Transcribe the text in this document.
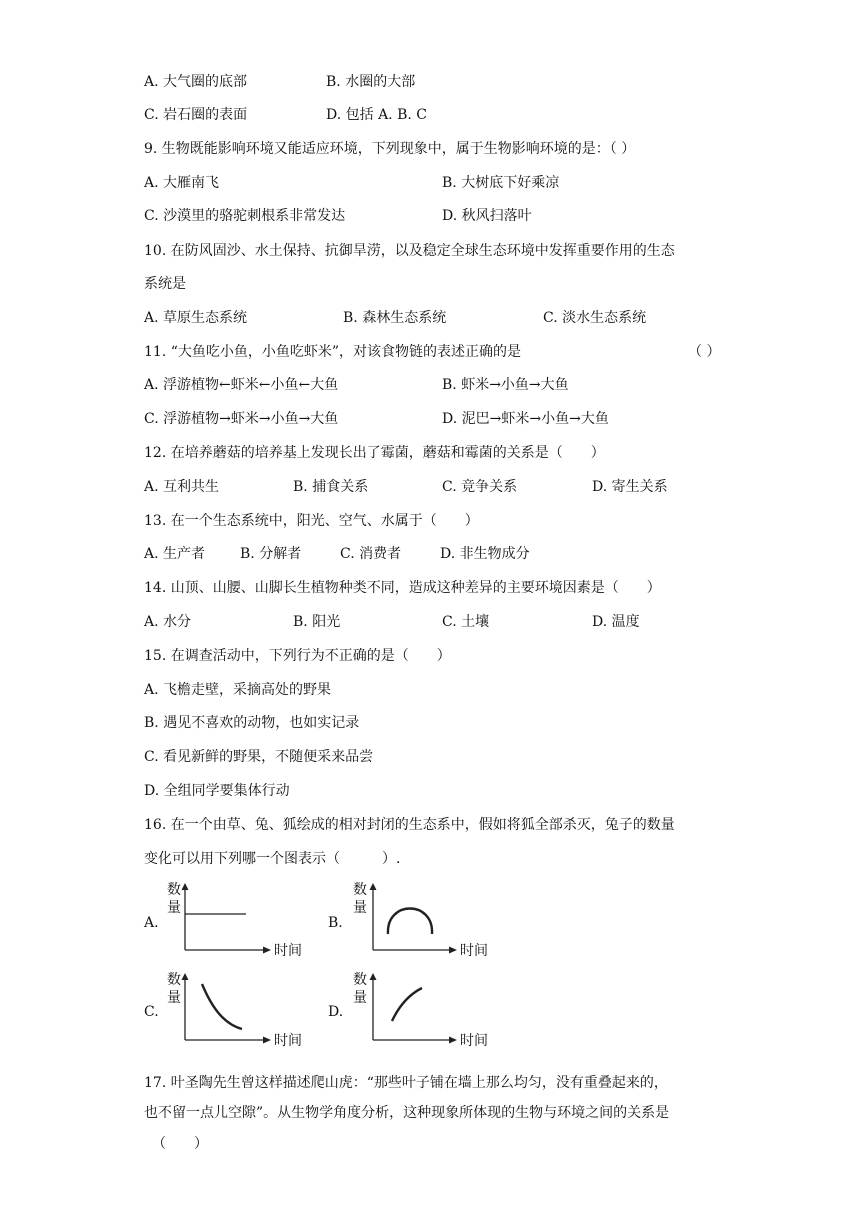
A. 大气圈的底部	B. 水圈的大部
C. 岩石圈的表面	D. 包括 A. B. C
9. 生物既能影响环境又能适应环境，下列现象中，属于生物影响环境的是：（ ）
A. 大雁南飞	B. 大树底下好乘凉
C. 沙漠里的骆驼刺根系非常发达	D. 秋风扫落叶
10. 在防风固沙、水土保持、抗御旱涝，以及稳定全球生态环境中发挥重要作用的生态
系统是
A. 草原生态系统	B. 森林生态系统	C. 淡水生态系统
11. “大鱼吃小鱼，小鱼吃虾米”，对该食物链的表述正确的是	（ ）
A. 浮游植物←虾米←小鱼←大鱼	B. 虾米→小鱼→大鱼
C. 浮游植物→虾米→小鱼→大鱼	D. 泥巴→虾米→小鱼→大鱼
12. 在培养蘑菇的培养基上发现长出了霉菌，蘑菇和霉菌的关系是（　　）
A. 互利共生	B. 捕食关系	C. 竞争关系	D. 寄生关系
13. 在一个生态系统中，阳光、空气、水属于（　　）
A. 生产者 B. 分解者	C. 消费者	D. 非生物成分
14. 山顶、山腰、山脚长生植物种类不同，造成这种差异的主要环境因素是（　　）
A. 水分	B. 阳光	C. 土壤	D. 温度
15. 在调查活动中，下列行为不正确的是（　　）
A. 飞檐走壁，采摘高处的野果
B. 遇见不喜欢的动物，也如实记录
C. 看见新鲜的野果，不随便采来品尝
D. 全组同学要集体行动
16. 在一个由草、兔、狐绘成的相对封闭的生态系中，假如将狐全部杀灭，兔子的数量
变化可以用下列哪一个图表示（　　　）.
A.
数
量
时间
B.
数
量
时间
C.
数
量
时间
D.
数
量
时间
17. 叶圣陶先生曾这样描述爬山虎：“那些叶子铺在墙上那么均匀，没有重叠起来的，
也不留一点儿空隙”。从生物学角度分析，这种现象所体现的生物与环境之间的关系是
（　　）
